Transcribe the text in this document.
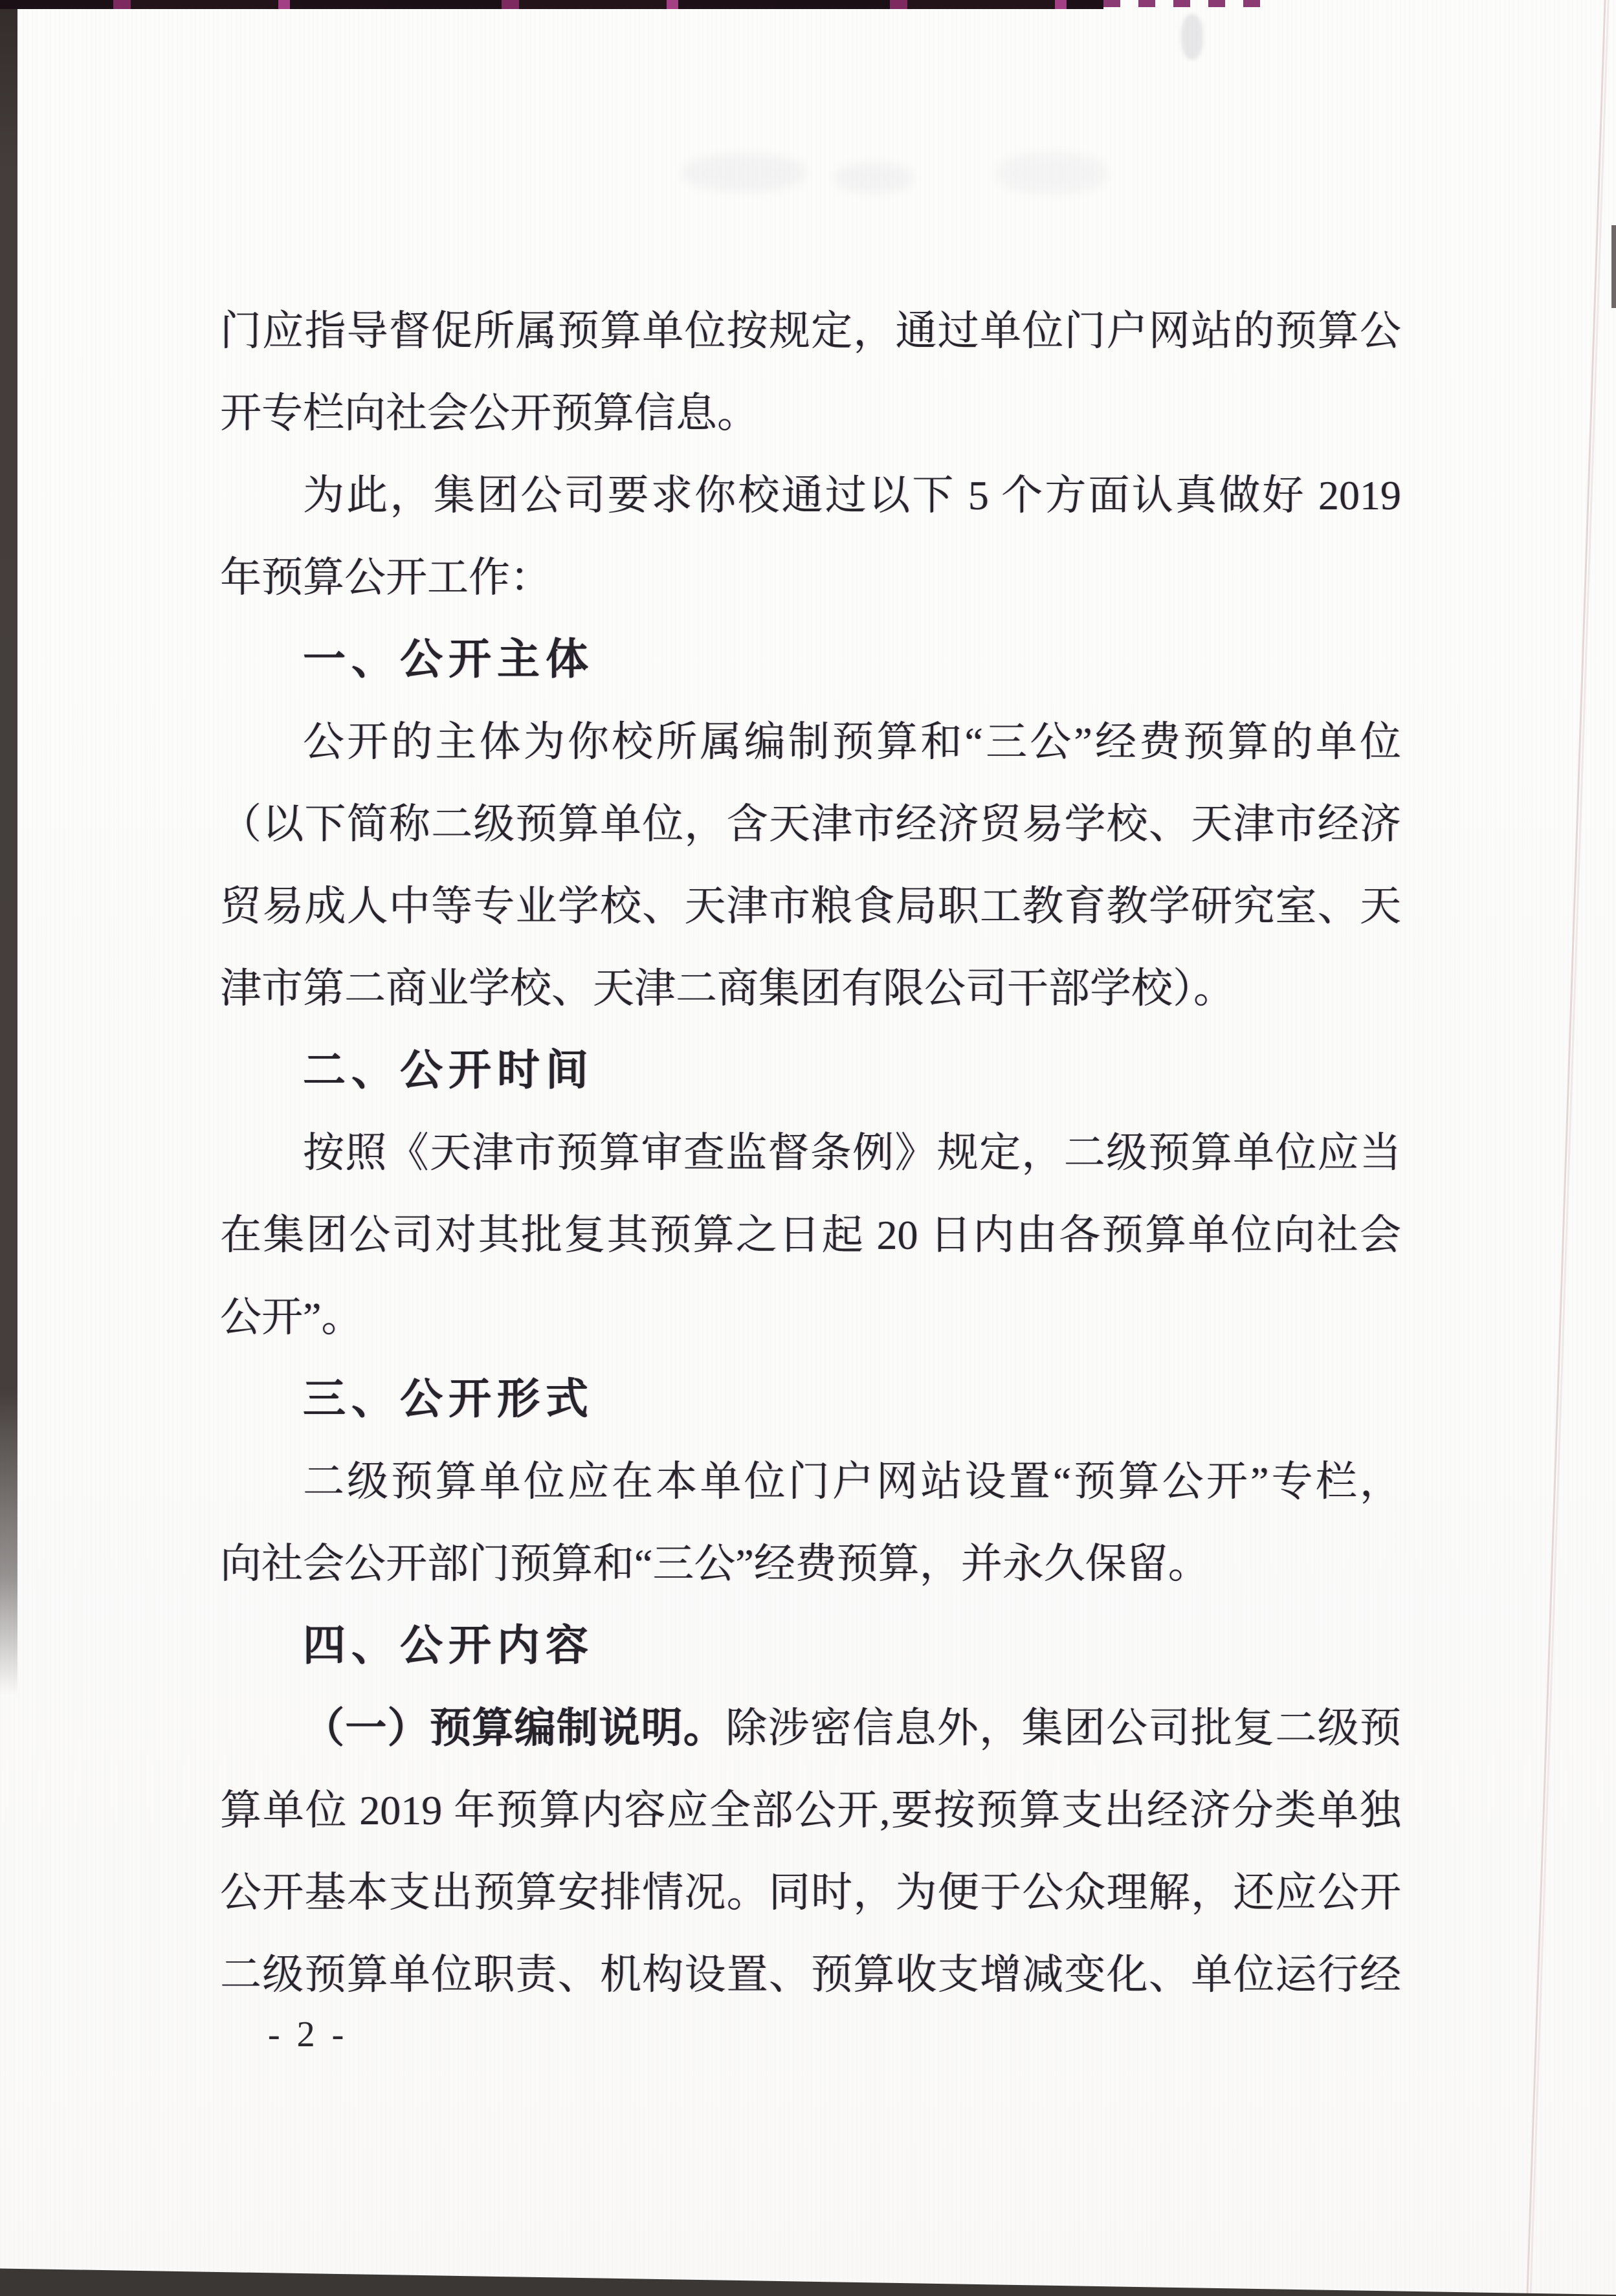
门应指导督促所属预算单位按规定，通过单位门户网站的预算公
开专栏向社会公开预算信息。
为此，集团公司要求你校通过以下 5 个方面认真做好 2019
年预算公开工作：
一、公开主体
公开的主体为你校所属编制预算和“三公”经费预算的单位
（以下简称二级预算单位，含天津市经济贸易学校、天津市经济
贸易成人中等专业学校、天津市粮食局职工教育教学研究室、天
津市第二商业学校、天津二商集团有限公司干部学校）。
二、公开时间
按照《天津市预算审查监督条例》规定，二级预算单位应当
在集团公司对其批复其预算之日起 20 日内由各预算单位向社会
公开”。
三、公开形式
二级预算单位应在本单位门户网站设置“预算公开”专栏，
向社会公开部门预算和“三公”经费预算，并永久保留。
四、公开内容
（一）预算编制说明。除涉密信息外，集团公司批复二级预
算单位 2019 年预算内容应全部公开,要按预算支出经济分类单独
公开基本支出预算安排情况。同时，为便于公众理解，还应公开
二级预算单位职责、机构设置、预算收支增减变化、单位运行经
- 2 -
